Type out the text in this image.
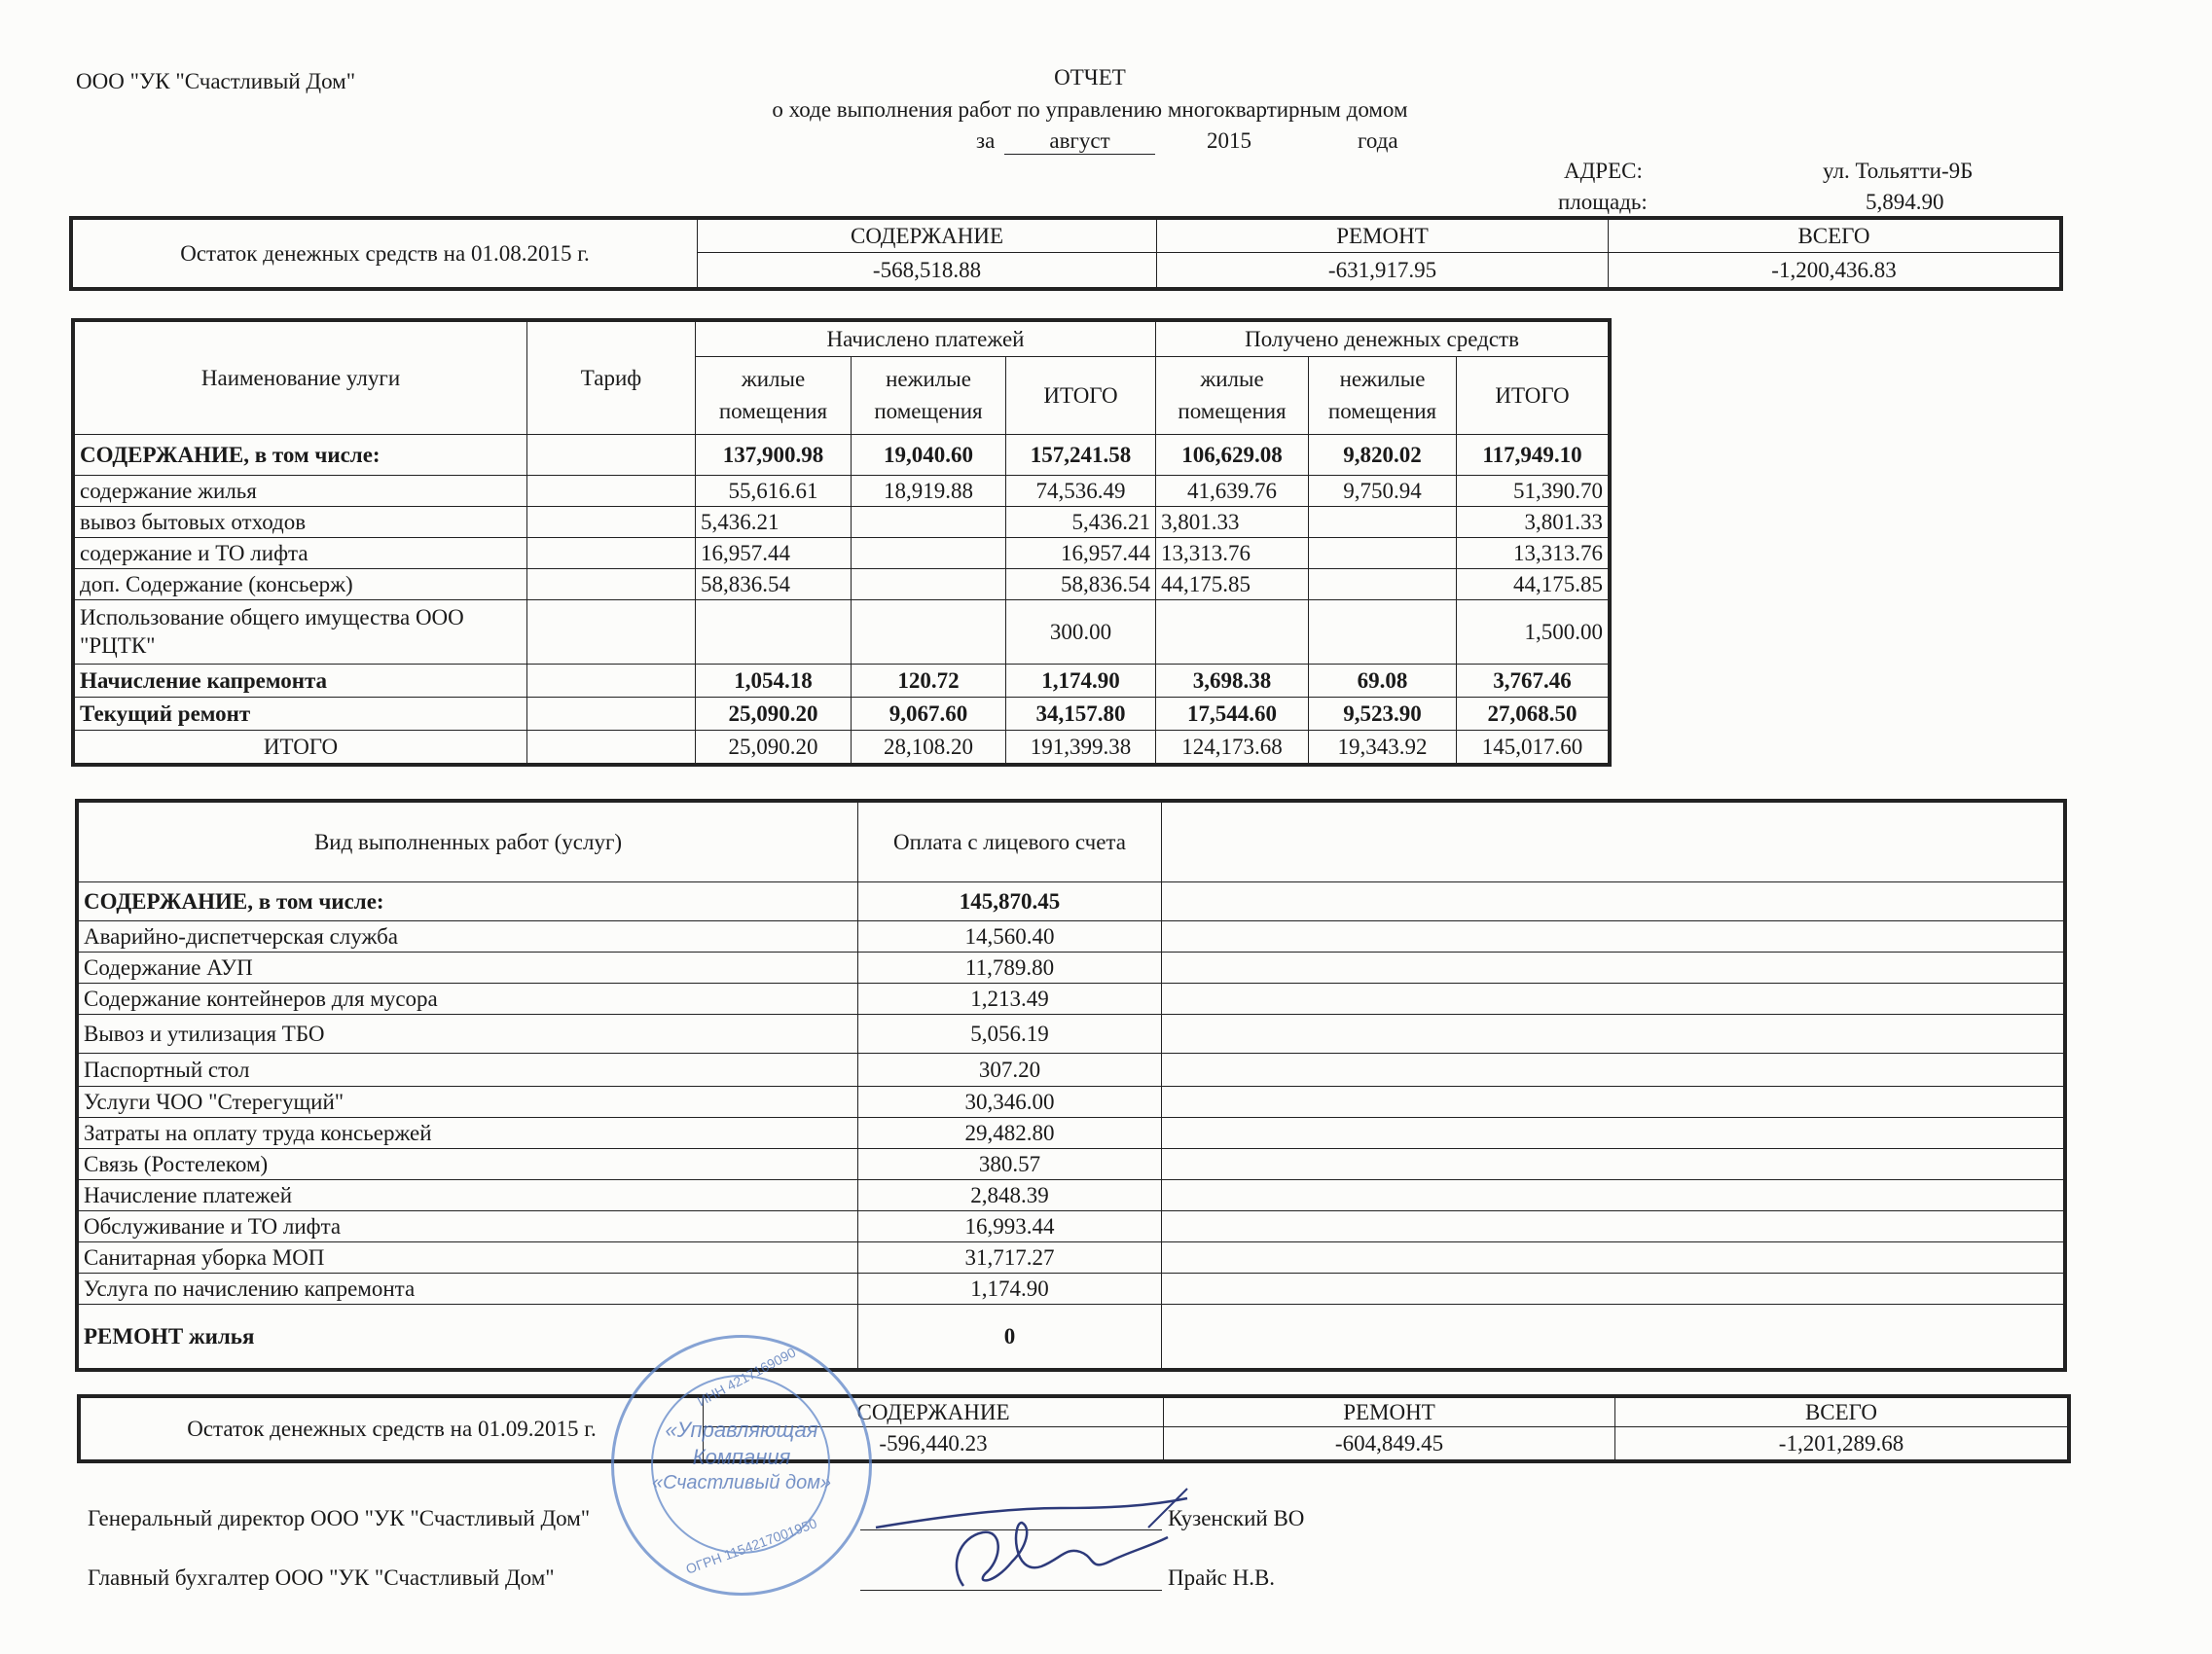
ООО "УК "Счастливый Дом"	ОТЧЕТ
о ходе выполнения работ по управлению многоквартирным домом
за	август	2015	года
АДРЕС:	ул. Тольятти-9Б
площадь:	5,894.90
Остаток денежных средств на 01.08.2015 г.	СОДЕРЖАНИЕ	РЕМОНТ	ВСЕГО
	-568,518.88	-631,917.95	-1,200,436.83
Наименование улуги	Тариф	Начислено платежей			Получено денежных средств		
		жилые помещения	нежилые помещения	ИТОГО	жилые помещения	нежилые помещения	ИТОГО
СОДЕРЖАНИЕ, в том числе:		137,900.98	19,040.60	157,241.58	106,629.08	9,820.02	117,949.10
содержание жилья		55,616.61	18,919.88	74,536.49	41,639.76	9,750.94	51,390.70
вывоз бытовых отходов		5,436.21		5,436.21	3,801.33		3,801.33
содержание и ТО лифта		16,957.44		16,957.44	13,313.76		13,313.76
доп. Содержание (консьерж)		58,836.54		58,836.54	44,175.85		44,175.85
Использование общего имущества ООО "РЦТК"				300.00			1,500.00
Начисление капремонта		1,054.18	120.72	1,174.90	3,698.38	69.08	3,767.46
Текущий ремонт		25,090.20	9,067.60	34,157.80	17,544.60	9,523.90	27,068.50
ИТОГО		25,090.20	28,108.20	191,399.38	124,173.68	19,343.92	145,017.60
Вид выполненных работ (услуг)	Оплата с лицевого счета	
СОДЕРЖАНИЕ, в том числе:	145,870.45	
Аварийно-диспетчерская служба	14,560.40	
Содержание АУП	11,789.80	
Содержание контейнеров для мусора	1,213.49	
Вывоз и утилизация ТБО	5,056.19	
Паспортный стол	307.20	
Услуги ЧОО "Стерегущий"	30,346.00	
Затраты на оплату труда консьержей	29,482.80	
Связь (Ростелеком)	380.57	
Начисление платежей	2,848.39	
Обслуживание и ТО лифта	16,993.44	
Санитарная уборка МОП	31,717.27	
Услуга по начислению капремонта	1,174.90	
РЕМОНТ жилья	0	
Остаток денежных средств на 01.09.2015 г.	СОДЕРЖАНИЕ	РЕМОНТ	ВСЕГО
	-596,440.23	-604,849.45	-1,201,289.68
Генеральный директор ООО "УК "Счастливый Дом"	Кузенский ВО
Главный бухгалтер ООО "УК "Счастливый Дом"	Прайс Н.В.
ИНН 4217169090
ОГРН 1154217001950
«Управляющая
Компания
«Счастливый дом»
